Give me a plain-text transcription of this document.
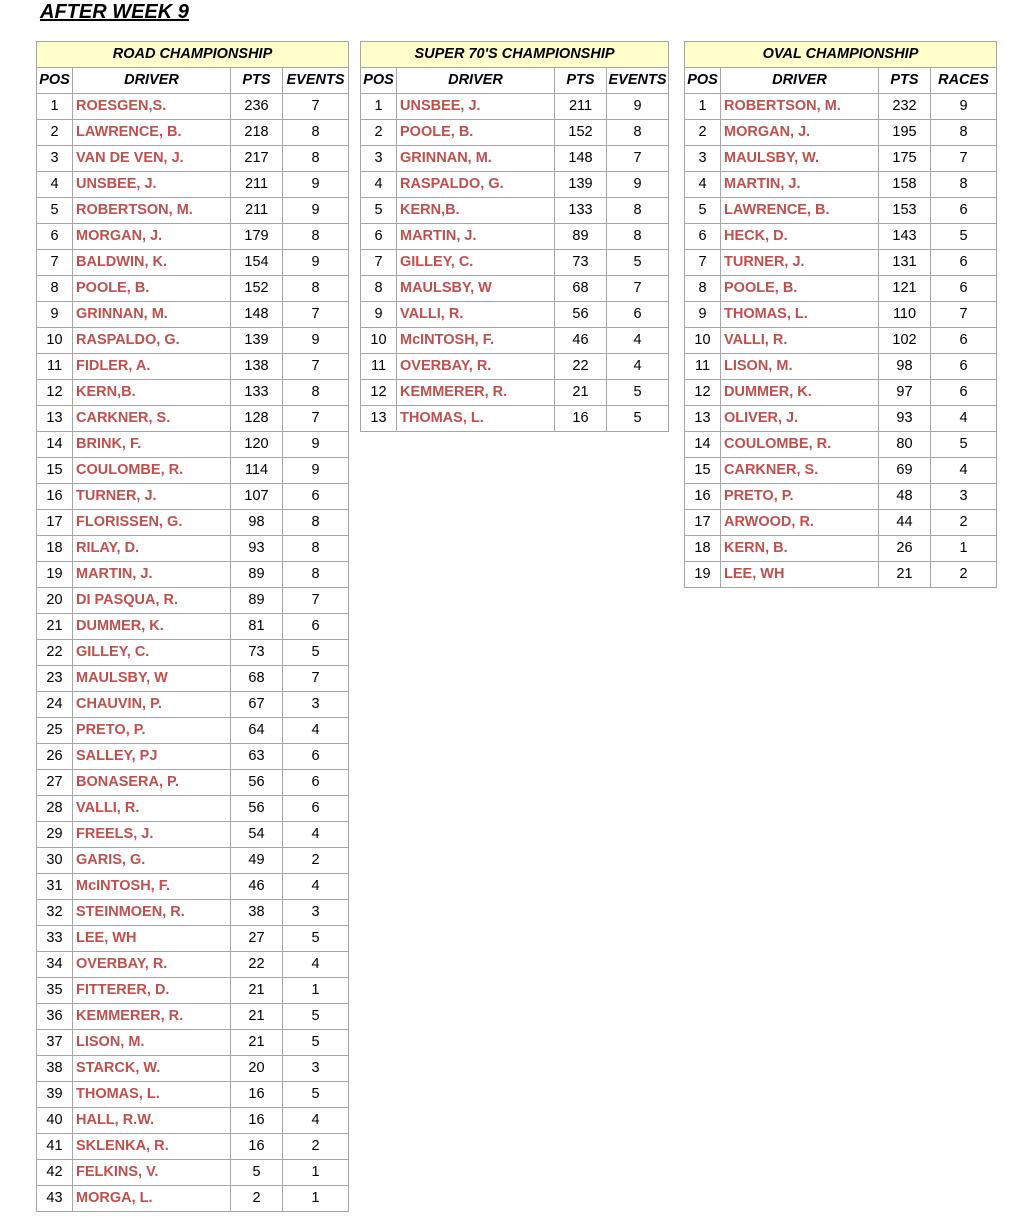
AFTER WEEK 9
ROAD CHAMPIONSHIP			
POS	DRIVER	PTS	EVENTS
1	ROESGEN,S.	236	7
2	LAWRENCE, B.	218	8
3	VAN DE VEN, J.	217	8
4	UNSBEE, J.	211	9
5	ROBERTSON, M.	211	9
6	MORGAN, J.	179	8
7	BALDWIN, K.	154	9
8	POOLE, B.	152	8
9	GRINNAN, M.	148	7
10	RASPALDO, G.	139	9
11	FIDLER, A.	138	7
12	KERN,B.	133	8
13	CARKNER, S.	128	7
14	BRINK, F.	120	9
15	COULOMBE, R.	114	9
16	TURNER, J.	107	6
17	FLORISSEN, G.	98	8
18	RILAY, D.	93	8
19	MARTIN, J.	89	8
20	DI PASQUA, R.	89	7
21	DUMMER, K.	81	6
22	GILLEY, C.	73	5
23	MAULSBY, W	68	7
24	CHAUVIN, P.	67	3
25	PRETO, P.	64	4
26	SALLEY, PJ	63	6
27	BONASERA, P.	56	6
28	VALLI, R.	56	6
29	FREELS, J.	54	4
30	GARIS, G.	49	2
31	McINTOSH, F.	46	4
32	STEINMOEN, R.	38	3
33	LEE, WH	27	5
34	OVERBAY, R.	22	4
35	FITTERER, D.	21	1
36	KEMMERER, R.	21	5
37	LISON, M.	21	5
38	STARCK, W.	20	3
39	THOMAS, L.	16	5
40	HALL, R.W.	16	4
41	SKLENKA, R.	16	2
42	FELKINS, V.	5	1
43	MORGA, L.	2	1
SUPER 70'S CHAMPIONSHIP			
POS	DRIVER	PTS	EVENTS
1	UNSBEE, J.	211	9
2	POOLE, B.	152	8
3	GRINNAN, M.	148	7
4	RASPALDO, G.	139	9
5	KERN,B.	133	8
6	MARTIN, J.	89	8
7	GILLEY, C.	73	5
8	MAULSBY, W	68	7
9	VALLI, R.	56	6
10	McINTOSH, F.	46	4
11	OVERBAY, R.	22	4
12	KEMMERER, R.	21	5
13	THOMAS, L.	16	5
OVAL CHAMPIONSHIP			
POS	DRIVER	PTS	RACES
1	ROBERTSON, M.	232	9
2	MORGAN, J.	195	8
3	MAULSBY, W.	175	7
4	MARTIN, J.	158	8
5	LAWRENCE, B.	153	6
6	HECK, D.	143	5
7	TURNER, J.	131	6
8	POOLE, B.	121	6
9	THOMAS, L.	110	7
10	VALLI, R.	102	6
11	LISON, M.	98	6
12	DUMMER, K.	97	6
13	OLIVER, J.	93	4
14	COULOMBE, R.	80	5
15	CARKNER, S.	69	4
16	PRETO, P.	48	3
17	ARWOOD, R.	44	2
18	KERN, B.	26	1
19	LEE, WH	21	2
